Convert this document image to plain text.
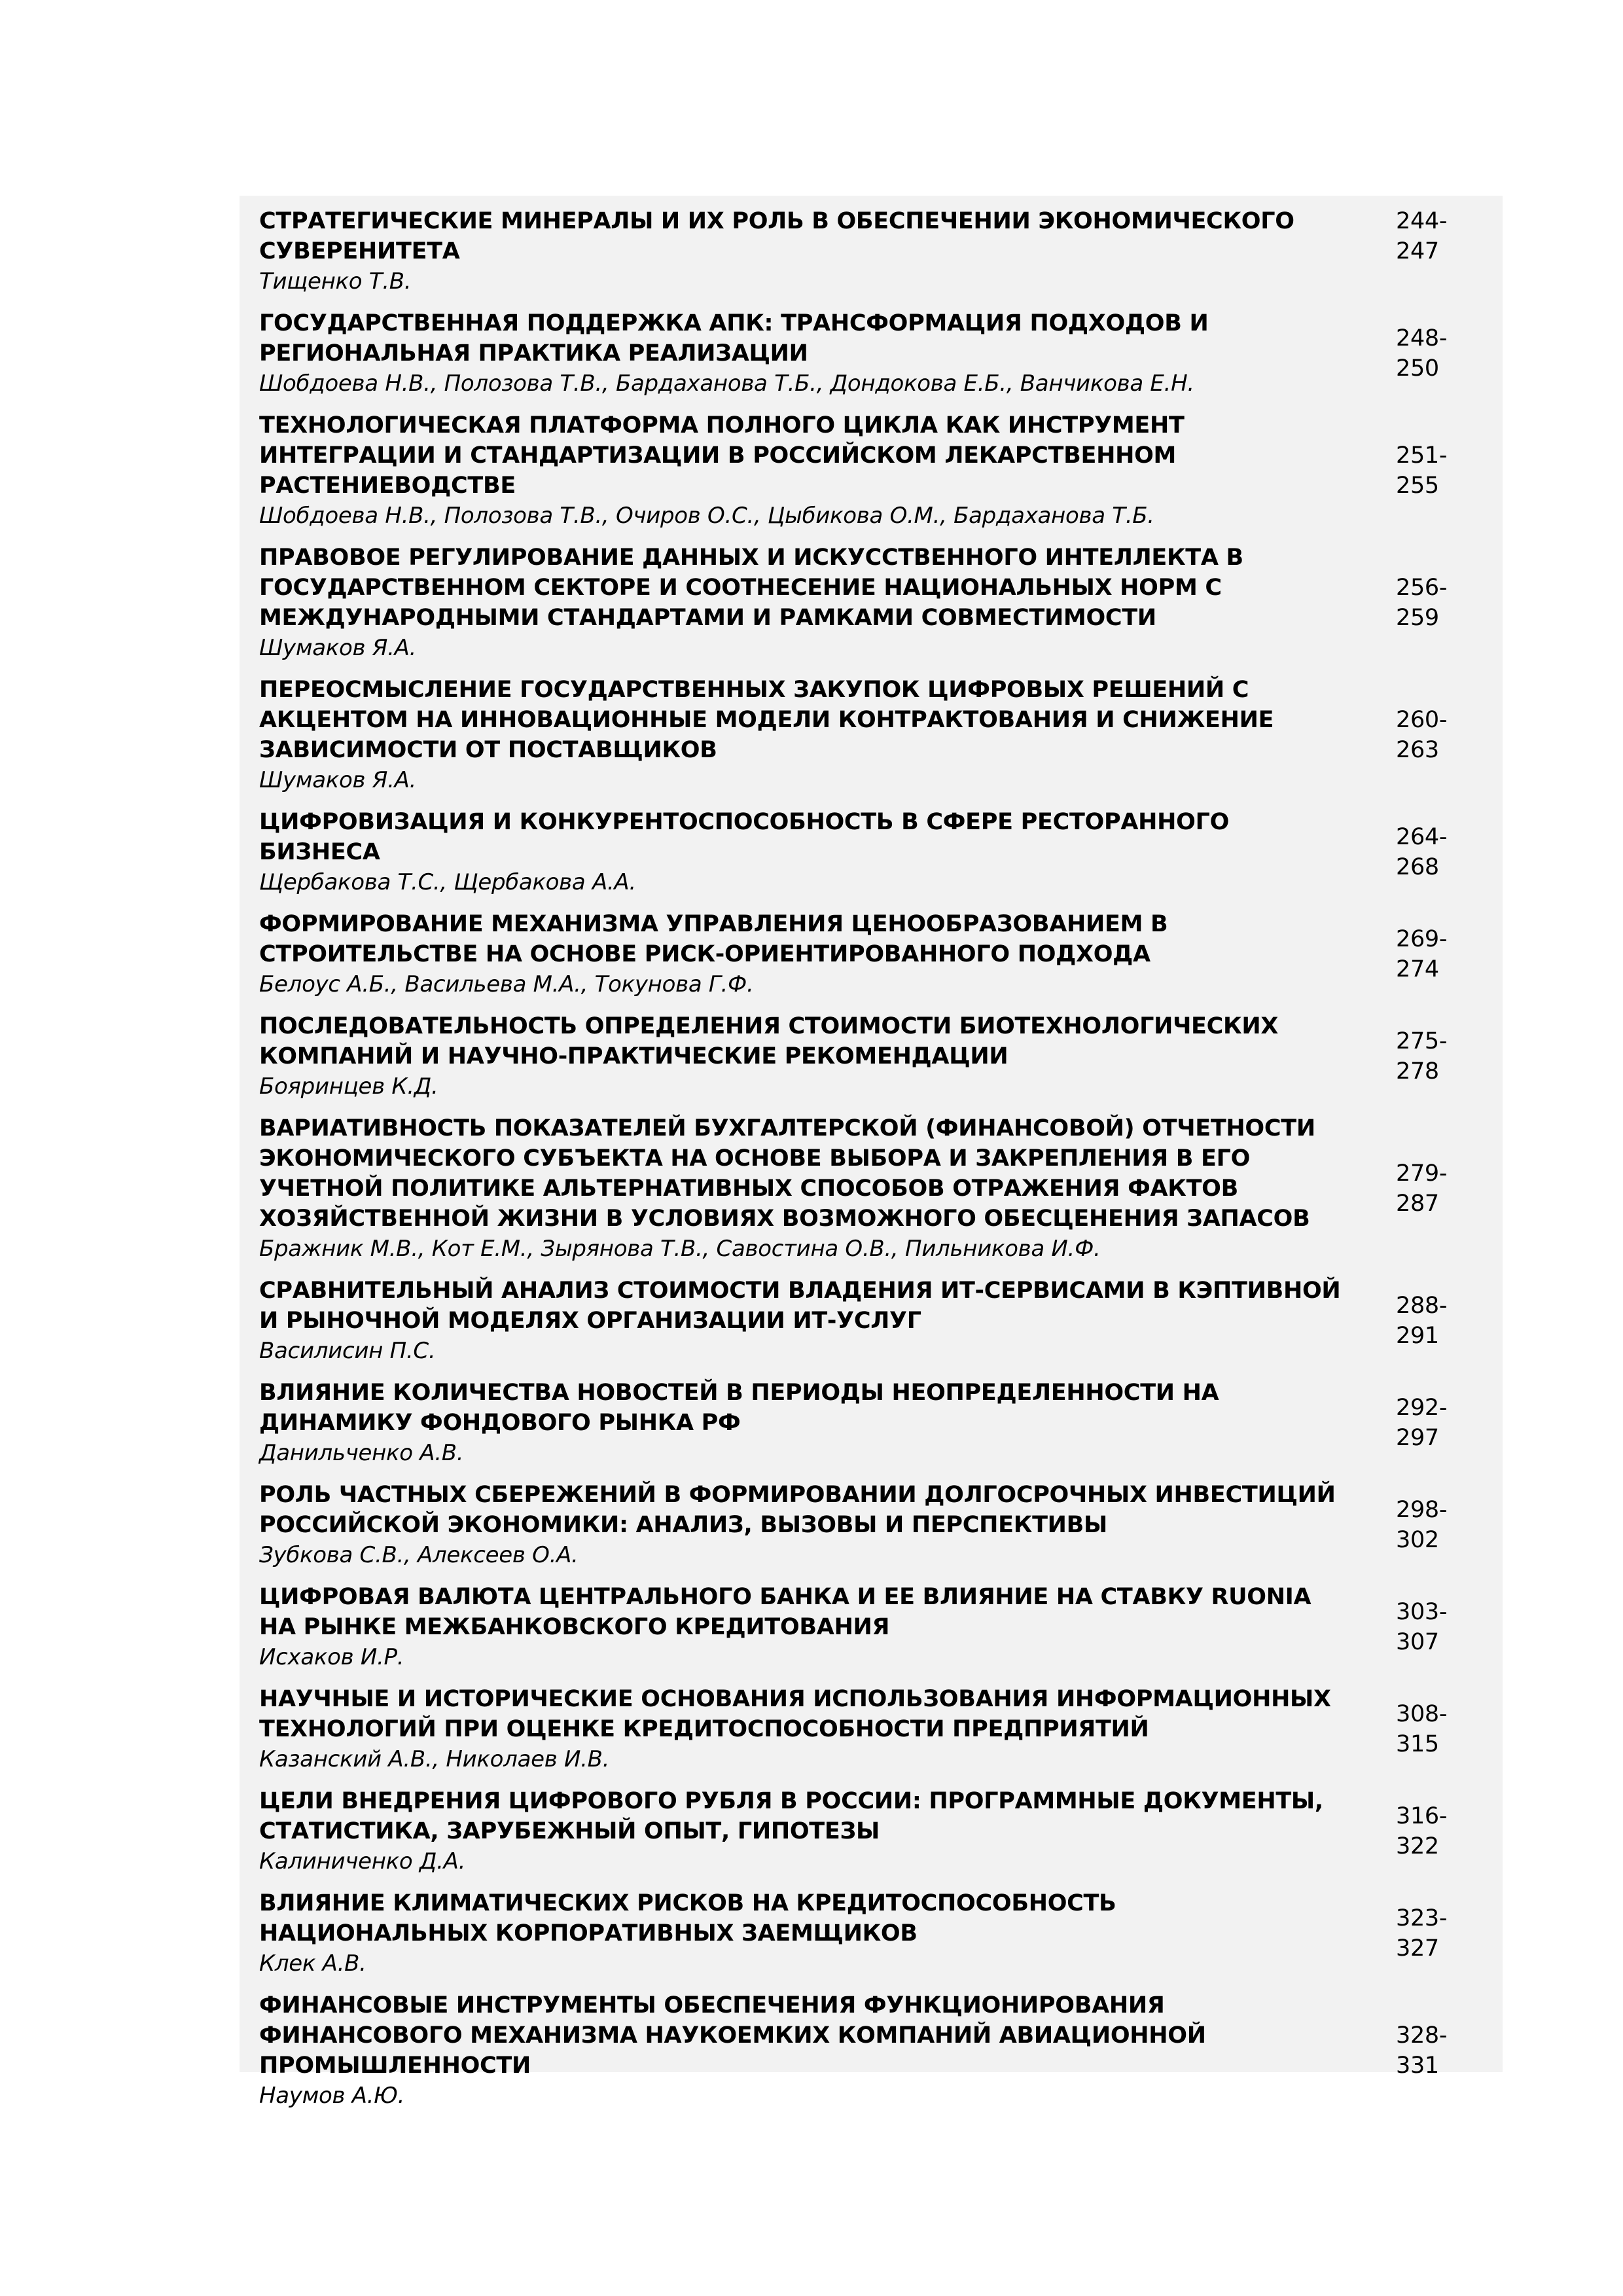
СТРАТЕГИЧЕСКИЕ МИНЕРАЛЫ И ИХ РОЛЬ В ОБЕСПЕЧЕНИИ ЭКОНОМИЧЕСКОГО СУВЕРЕНИТЕТА
Тищенко Т.В.	244-247

ГОСУДАРСТВЕННАЯ ПОДДЕРЖКА АПК: ТРАНСФОРМАЦИЯ ПОДХОДОВ И РЕГИОНАЛЬНАЯ ПРАКТИКА РЕАЛИЗАЦИИ
Шобдоева Н.В., Полозова Т.В., Бардаханова Т.Б., Дондокова Е.Б., Ванчикова Е.Н.	248-250

ТЕХНОЛОГИЧЕСКАЯ ПЛАТФОРМА ПОЛНОГО ЦИКЛА КАК ИНСТРУМЕНТ ИНТЕГРАЦИИ И СТАНДАРТИЗАЦИИ В РОССИЙСКОМ ЛЕКАРСТВЕННОМ РАСТЕНИЕВОДСТВЕ
Шобдоева Н.В., Полозова Т.В., Очиров О.С., Цыбикова О.М., Бардаханова Т.Б.	251-255

ПРАВОВОЕ РЕГУЛИРОВАНИЕ ДАННЫХ И ИСКУССТВЕННОГО ИНТЕЛЛЕКТА В ГОСУДАРСТВЕННОМ СЕКТОРЕ И СООТНЕСЕНИЕ НАЦИОНАЛЬНЫХ НОРМ С МЕЖДУНАРОДНЫМИ СТАНДАРТАМИ И РАМКАМИ СОВМЕСТИМОСТИ
Шумаков Я.А.	256-259

ПЕРЕОСМЫСЛЕНИЕ ГОСУДАРСТВЕННЫХ ЗАКУПОК ЦИФРОВЫХ РЕШЕНИЙ С АКЦЕНТОМ НА ИННОВАЦИОННЫЕ МОДЕЛИ КОНТРАКТОВАНИЯ И СНИЖЕНИЕ ЗАВИСИМОСТИ ОТ ПОСТАВЩИКОВ
Шумаков Я.А.	260-263

ЦИФРОВИЗАЦИЯ И КОНКУРЕНТОСПОСОБНОСТЬ В СФЕРЕ РЕСТОРАННОГО БИЗНЕСА
Щербакова Т.С., Щербакова А.А.	264-268

ФОРМИРОВАНИЕ МЕХАНИЗМА УПРАВЛЕНИЯ ЦЕНООБРАЗОВАНИЕМ В СТРОИТЕЛЬСТВЕ НА ОСНОВЕ РИСК-ОРИЕНТИРОВАННОГО ПОДХОДА
Белоус А.Б., Васильева М.А., Токунова Г.Ф.	269-274

ПОСЛЕДОВАТЕЛЬНОСТЬ ОПРЕДЕЛЕНИЯ СТОИМОСТИ БИОТЕХНОЛОГИЧЕСКИХ КОМПАНИЙ И НАУЧНО-ПРАКТИЧЕСКИЕ РЕКОМЕНДАЦИИ
Бояринцев К.Д.	275-278

ВАРИАТИВНОСТЬ ПОКАЗАТЕЛЕЙ БУХГАЛТЕРСКОЙ (ФИНАНСОВОЙ) ОТЧЕТНОСТИ ЭКОНОМИЧЕСКОГО СУБЪЕКТА НА ОСНОВЕ ВЫБОРА И ЗАКРЕПЛЕНИЯ В ЕГО УЧЕТНОЙ ПОЛИТИКЕ АЛЬТЕРНАТИВНЫХ СПОСОБОВ ОТРАЖЕНИЯ ФАКТОВ ХОЗЯЙСТВЕННОЙ ЖИЗНИ В УСЛОВИЯХ ВОЗМОЖНОГО ОБЕСЦЕНЕНИЯ ЗАПАСОВ
Бражник М.В., Кот Е.М., Зырянова Т.В., Савостина О.В., Пильникова И.Ф.	279-287

СРАВНИТЕЛЬНЫЙ АНАЛИЗ СТОИМОСТИ ВЛАДЕНИЯ ИТ-СЕРВИСАМИ В КЭПТИВНОЙ И РЫНОЧНОЙ МОДЕЛЯХ ОРГАНИЗАЦИИ ИТ-УСЛУГ
Василисин П.С.	288-291

ВЛИЯНИЕ КОЛИЧЕСТВА НОВОСТЕЙ В ПЕРИОДЫ НЕОПРЕДЕЛЕННОСТИ НА ДИНАМИКУ ФОНДОВОГО РЫНКА РФ
Данильченко А.В.	292-297

РОЛЬ ЧАСТНЫХ СБЕРЕЖЕНИЙ В ФОРМИРОВАНИИ ДОЛГОСРОЧНЫХ ИНВЕСТИЦИЙ РОССИЙСКОЙ ЭКОНОМИКИ: АНАЛИЗ, ВЫЗОВЫ И ПЕРСПЕКТИВЫ
Зубкова С.В., Алексеев О.А.	298-302

ЦИФРОВАЯ ВАЛЮТА ЦЕНТРАЛЬНОГО БАНКА И ЕЕ ВЛИЯНИЕ НА СТАВКУ RUONIA НА РЫНКЕ МЕЖБАНКОВСКОГО КРЕДИТОВАНИЯ
Исхаков И.Р.	303-307

НАУЧНЫЕ И ИСТОРИЧЕСКИЕ ОСНОВАНИЯ ИСПОЛЬЗОВАНИЯ ИНФОРМАЦИОННЫХ ТЕХНОЛОГИЙ ПРИ ОЦЕНКЕ КРЕДИТОСПОСОБНОСТИ ПРЕДПРИЯТИЙ
Казанский А.В., Николаев И.В.	308-315

ЦЕЛИ ВНЕДРЕНИЯ ЦИФРОВОГО РУБЛЯ В РОССИИ: ПРОГРАММНЫЕ ДОКУМЕНТЫ, СТАТИСТИКА, ЗАРУБЕЖНЫЙ ОПЫТ, ГИПОТЕЗЫ
Калиниченко Д.А.	316-322

ВЛИЯНИЕ КЛИМАТИЧЕСКИХ РИСКОВ НА КРЕДИТОСПОСОБНОСТЬ НАЦИОНАЛЬНЫХ КОРПОРАТИВНЫХ ЗАЕМЩИКОВ
Клек А.В.	323-327

ФИНАНСОВЫЕ ИНСТРУМЕНТЫ ОБЕСПЕЧЕНИЯ ФУНКЦИОНИРОВАНИЯ ФИНАНСОВОГО МЕХАНИЗМА НАУКОЕМКИХ КОМПАНИЙ АВИАЦИОННОЙ ПРОМЫШЛЕННОСТИ
Наумов А.Ю.	328-331
